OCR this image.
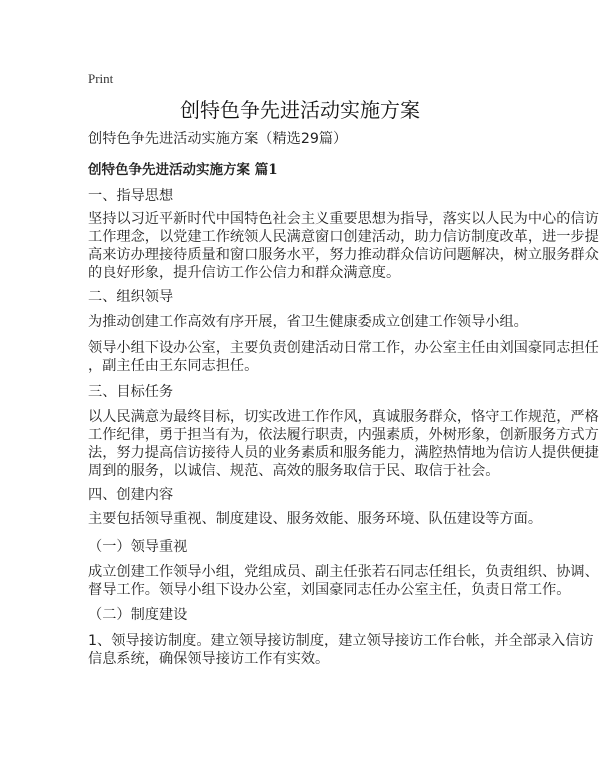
Print
创特色争先进活动实施方案
创特色争先进活动实施方案（精选29篇）
创特色争先进活动实施方案 篇1
一、指导思想
坚持以习近平新时代中国特色社会主义重要思想为指导，落实以人民为中心的信访
工作理念，以党建工作统领人民满意窗口创建活动，助力信访制度改革，进一步提
高来访办理接待质量和窗口服务水平，努力推动群众信访问题解决，树立服务群众
的良好形象，提升信访工作公信力和群众满意度。
二、组织领导
为推动创建工作高效有序开展，省卫生健康委成立创建工作领导小组。
领导小组下设办公室，主要负责创建活动日常工作，办公室主任由刘国豪同志担任
，副主任由王东同志担任。
三、目标任务
以人民满意为最终目标，切实改进工作作风，真诚服务群众，恪守工作规范，严格
工作纪律，勇于担当有为，依法履行职责，内强素质，外树形象，创新服务方式方
法，努力提高信访接待人员的业务素质和服务能力，满腔热情地为信访人提供便捷
周到的服务，以诚信、规范、高效的服务取信于民、取信于社会。
四、创建内容
主要包括领导重视、制度建设、服务效能、服务环境、队伍建设等方面。
（一）领导重视
成立创建工作领导小组，党组成员、副主任张若石同志任组长，负责组织、协调、
督导工作。领导小组下设办公室，刘国豪同志任办公室主任，负责日常工作。
（二）制度建设
1、领导接访制度。建立领导接访制度，建立领导接访工作台帐，并全部录入信访
信息系统，确保领导接访工作有实效。
